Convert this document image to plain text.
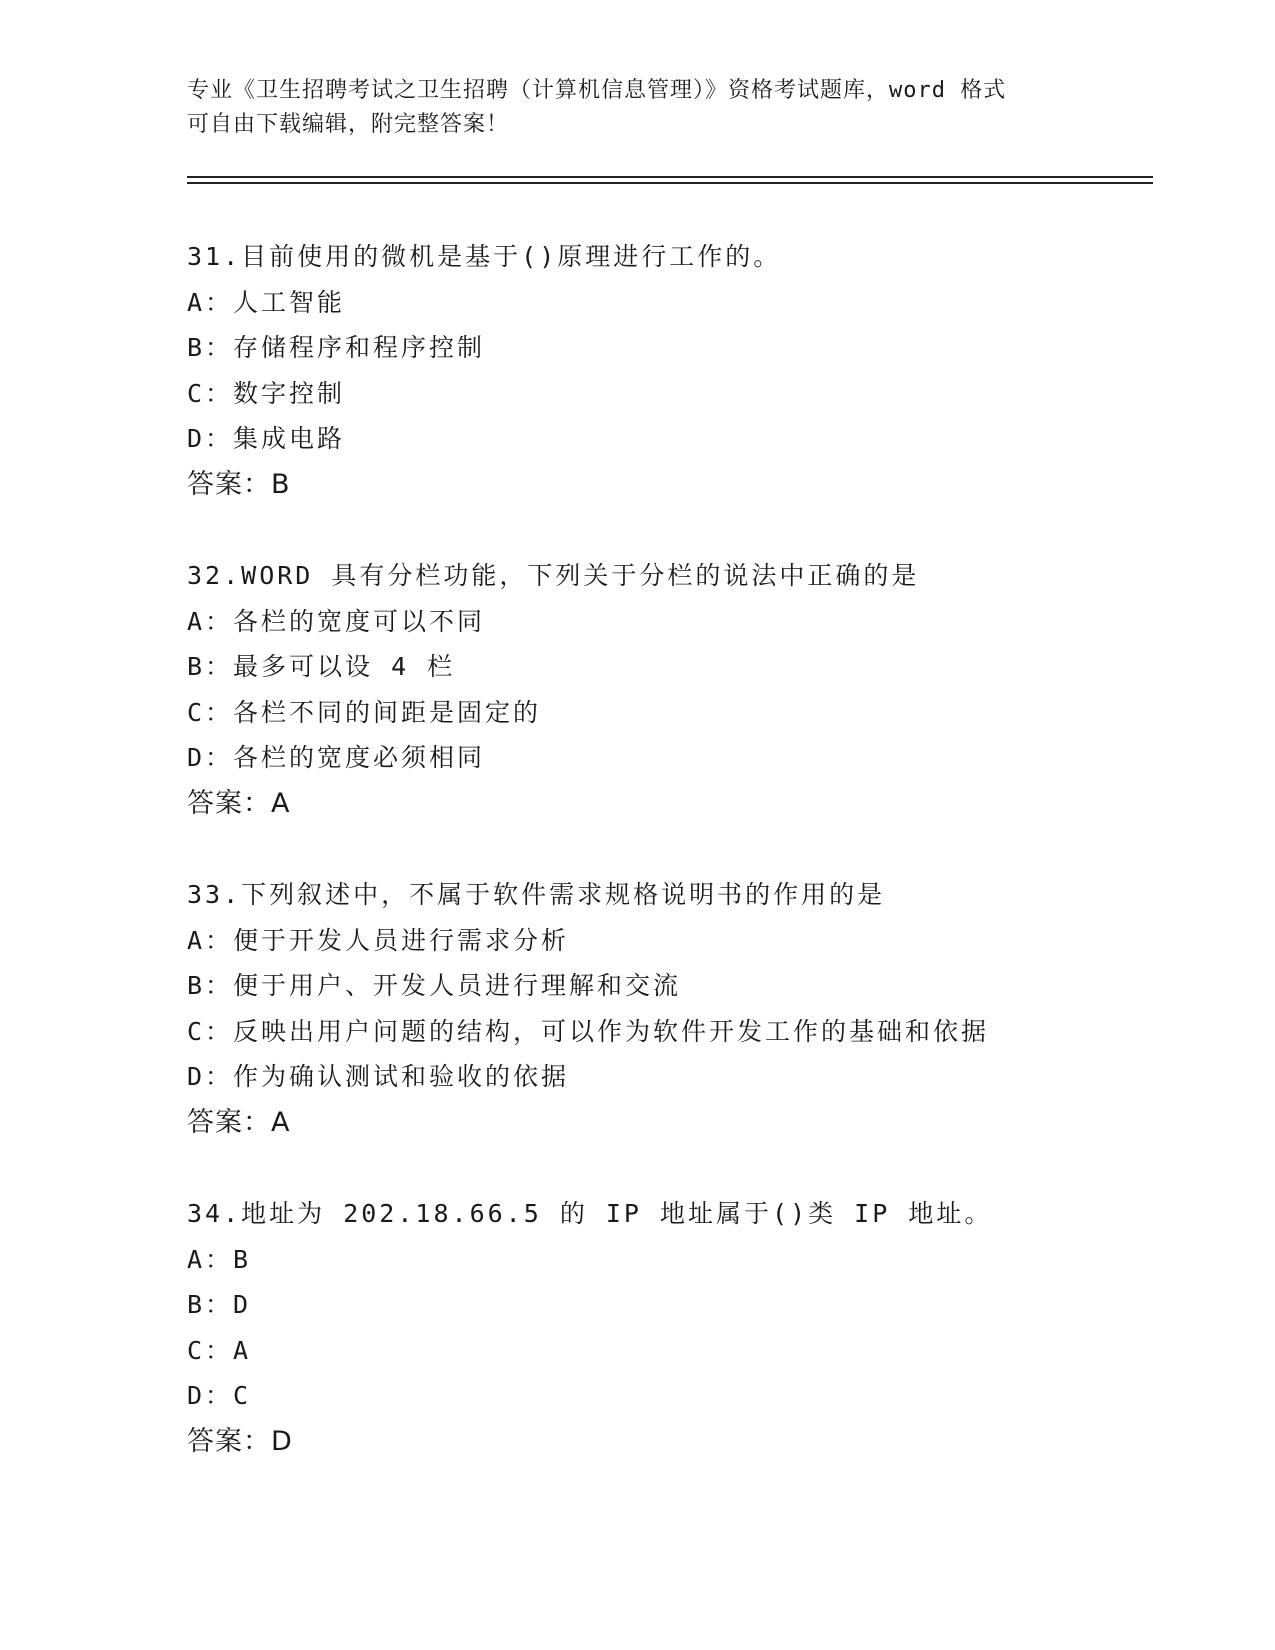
专业《卫生招聘考试之卫生招聘（计算机信息管理）》资格考试题库，word 格式
可自由下载编辑，附完整答案！
31.目前使用的微机是基于()原理进行工作的。
A：人工智能
B：存储程序和程序控制
C：数字控制
D：集成电路
答案：B
32.WORD 具有分栏功能，下列关于分栏的说法中正确的是
A：各栏的宽度可以不同
B：最多可以设 4 栏
C：各栏不同的间距是固定的
D：各栏的宽度必须相同
答案：A
33.下列叙述中，不属于软件需求规格说明书的作用的是
A：便于开发人员进行需求分析
B：便于用户、开发人员进行理解和交流
C：反映出用户问题的结构，可以作为软件开发工作的基础和依据
D：作为确认测试和验收的依据
答案：A
34.地址为 202.18.66.5 的 IP 地址属于()类 IP 地址。
A：B
B：D
C：A
D：C
答案：D
